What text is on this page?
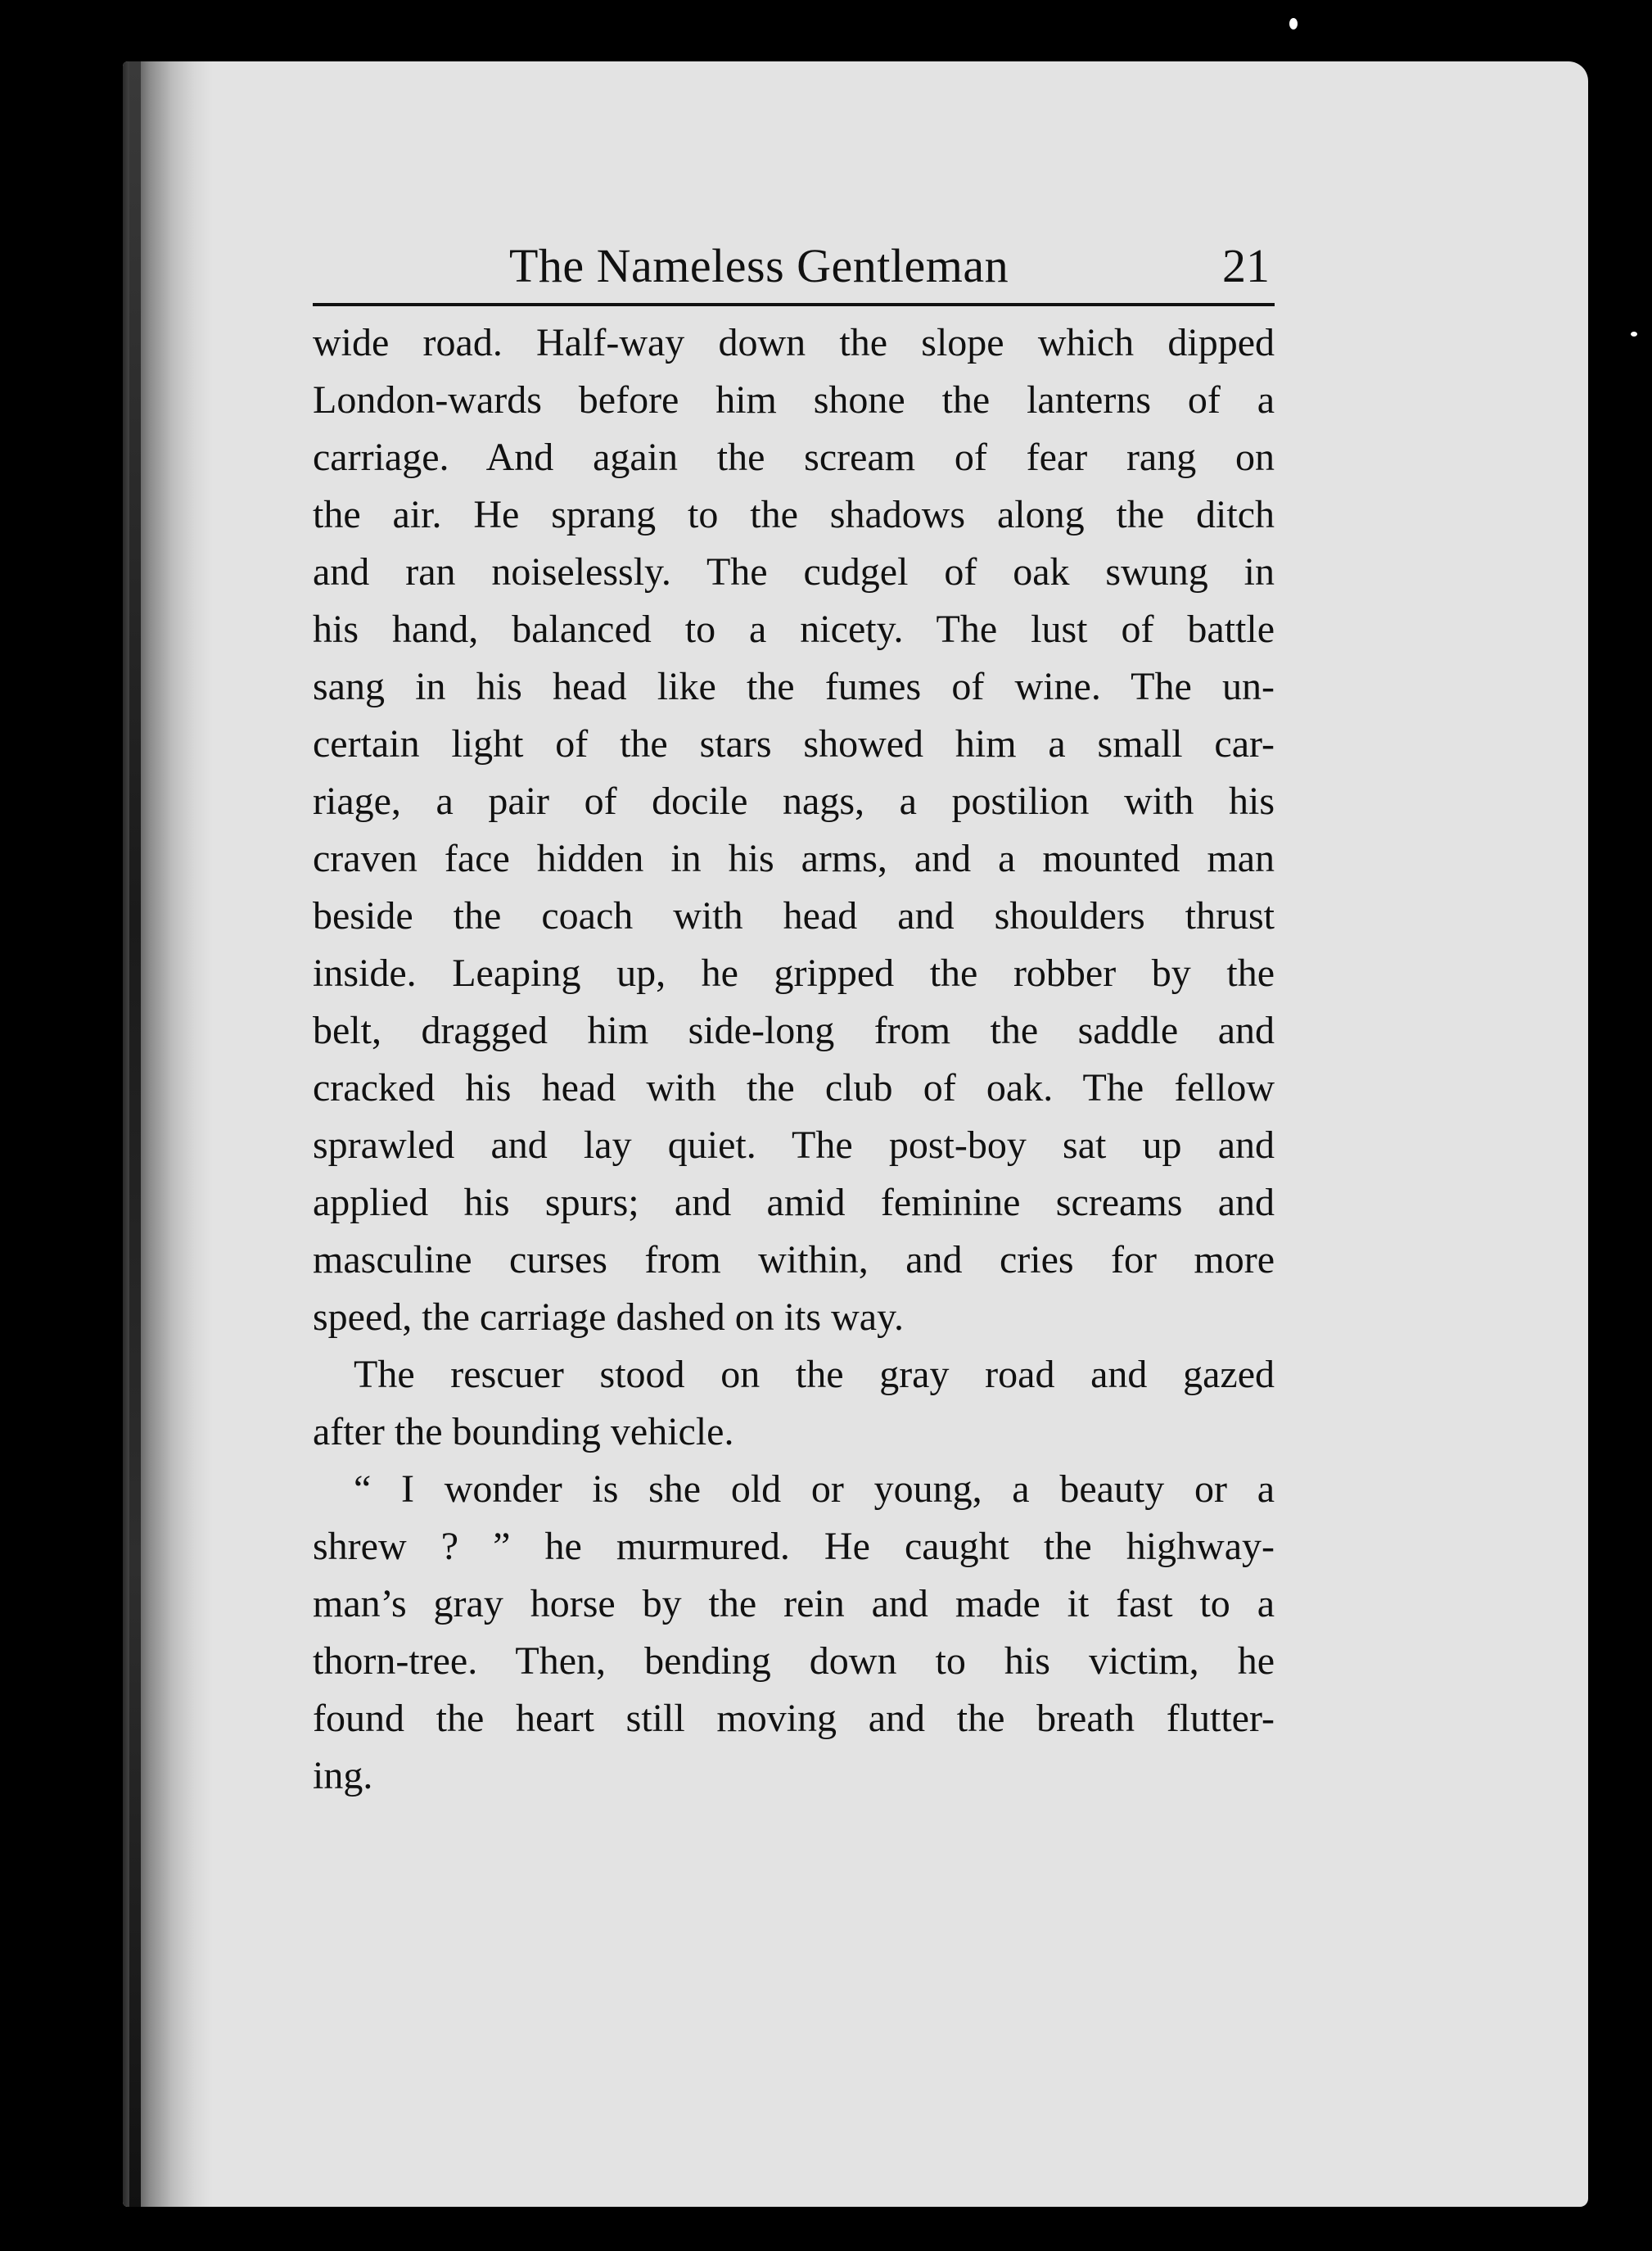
The Nameless Gentleman	21

wide road. Half-way down the slope which dipped
London-wards before him shone the lanterns of a
carriage. And again the scream of fear rang on
the air. He sprang to the shadows along the ditch
and ran noiselessly. The cudgel of oak swung in
his hand, balanced to a nicety. The lust of battle
sang in his head like the fumes of wine. The un-
certain light of the stars showed him a small car-
riage, a pair of docile nags, a postilion with his
craven face hidden in his arms, and a mounted man
beside the coach with head and shoulders thrust
inside. Leaping up, he gripped the robber by the
belt, dragged him side-long from the saddle and
cracked his head with the club of oak. The fellow
sprawled and lay quiet. The post-boy sat up and
applied his spurs; and amid feminine screams and
masculine curses from within, and cries for more
speed, the carriage dashed on its way.

The rescuer stood on the gray road and gazed
after the bounding vehicle.

“ I wonder is she old or young, a beauty or a
shrew ? ” he murmured. He caught the highway-
man’s gray horse by the rein and made it fast to a
thorn-tree. Then, bending down to his victim, he
found the heart still moving and the breath flutter-
ing.
